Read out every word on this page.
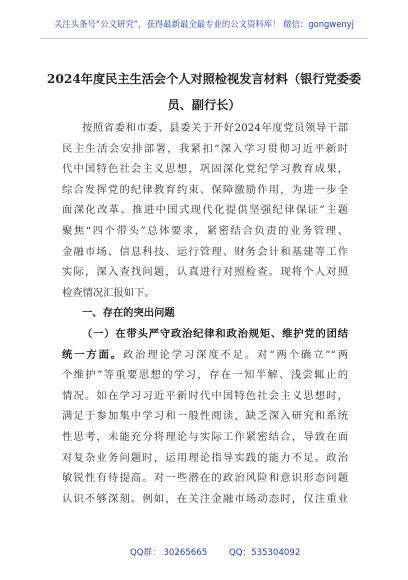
关注头条号“公文研究”，获得最新最全最专业的公文资料库！ 微信：gongwenyj
2024年度民主生活会个人对照检视发言材料（银行党委委
员、副行长）
按照省委和市委、县委关于开好2024年度党员领导干部
民主生活会安排部署，我紧扣“深入学习贯彻习近平新时
代中国特色社会主义思想，巩固深化党纪学习教育成果，
综合发挥党的纪律教育约束、保障激励作用，为进一步全
面深化改革、推进中国式现代化提供坚强纪律保证”主题
聚焦“四个带头”总体要求，紧密结合负责的业务管理、
金融市场、信息科技、运行管理、财务会计和基建等工作
实际，深入查找问题，认真进行对照检查。现将个人对照
检查情况汇报如下。
一、存在的突出问题
（一）在带头严守政治纪律和政治规矩、维护党的团结
统一方面。政治理论学习深度不足。对“两个确立”“两
个维护”等重要思想的学习，存在一知半解、浅尝辄止的
情况。如在学习习近平新时代中国特色社会主义思想时，
满足于参加集中学习和一般性阅读，缺乏深入研究和系统
性思考，未能充分将理论与实际工作紧密结合，导致在面
对复杂业务问题时，运用理论指导实践的能力不足。政治
敏锐性有待提高。对一些潜在的政治风险和意识形态问题
认识不够深刻。例如，在关注金融市场动态时，仅注重业
QQ群： 30265665	QQ：535304092
